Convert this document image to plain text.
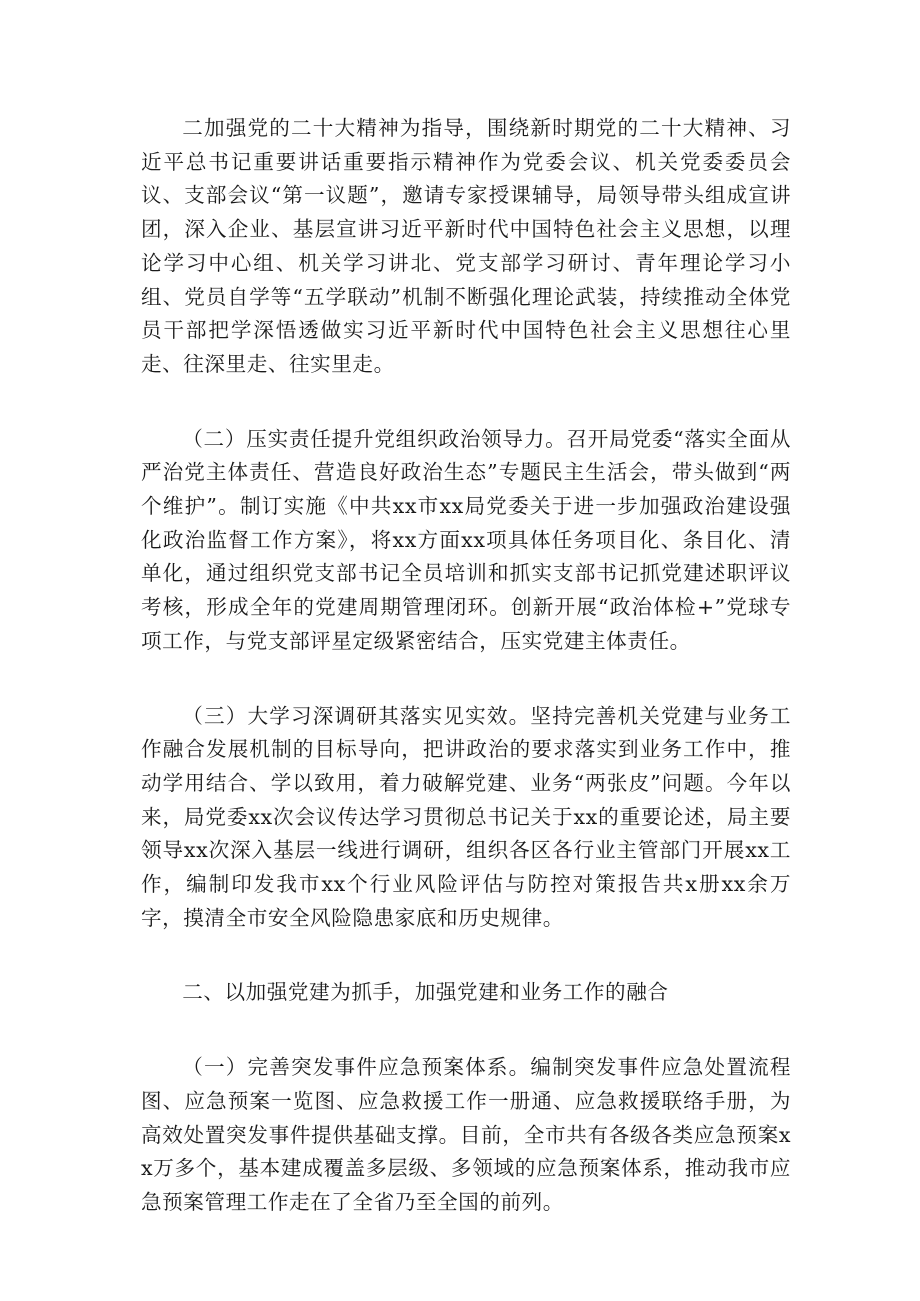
二加强党的二十大精神为指导，围绕新时期党的二十大精神、习近平总书记重要讲话重要指示精神作为党委会议、机关党委委员会议、支部会议“第一议题”，邀请专家授课辅导，局领导带头组成宣讲团，深入企业、基层宣讲习近平新时代中国特色社会主义思想，以理论学习中心组、机关学习讲北、党支部学习研讨、青年理论学习小组、党员自学等“五学联动”机制不断强化理论武装，持续推动全体党员干部把学深悟透做实习近平新时代中国特色社会主义思想往心里走、往深里走、往实里走。

（二）压实责任提升党组织政治领导力。召开局党委“落实全面从严治党主体责任、营造良好政治生态”专题民主生活会，带头做到“两个维护”。制订实施《中共xx市xx局党委关于进一步加强政治建设强化政治监督工作方案》，将xx方面xx项具体任务项目化、条目化、清单化，通过组织党支部书记全员培训和抓实支部书记抓党建述职评议考核，形成全年的党建周期管理闭环。创新开展“政治体检+”党球专项工作，与党支部评星定级紧密结合，压实党建主体责任。

（三）大学习深调研其落实见实效。坚持完善机关党建与业务工作融合发展机制的目标导向，把讲政治的要求落实到业务工作中，推动学用结合、学以致用，着力破解党建、业务“两张皮”问题。今年以来，局党委xx次会议传达学习贯彻总书记关于xx的重要论述，局主要领导xx次深入基层一线进行调研，组织各区各行业主管部门开展xx工作，编制印发我市xx个行业风险评估与防控对策报告共x册xx余万字，摸清全市安全风险隐患家底和历史规律。

二、以加强党建为抓手，加强党建和业务工作的融合

（一）完善突发事件应急预案体系。编制突发事件应急处置流程图、应急预案一览图、应急救援工作一册通、应急救援联络手册，为高效处置突发事件提供基础支撑。目前，全市共有各级各类应急预案xx万多个，基本建成覆盖多层级、多领域的应急预案体系，推动我市应急预案管理工作走在了全省乃至全国的前列。
